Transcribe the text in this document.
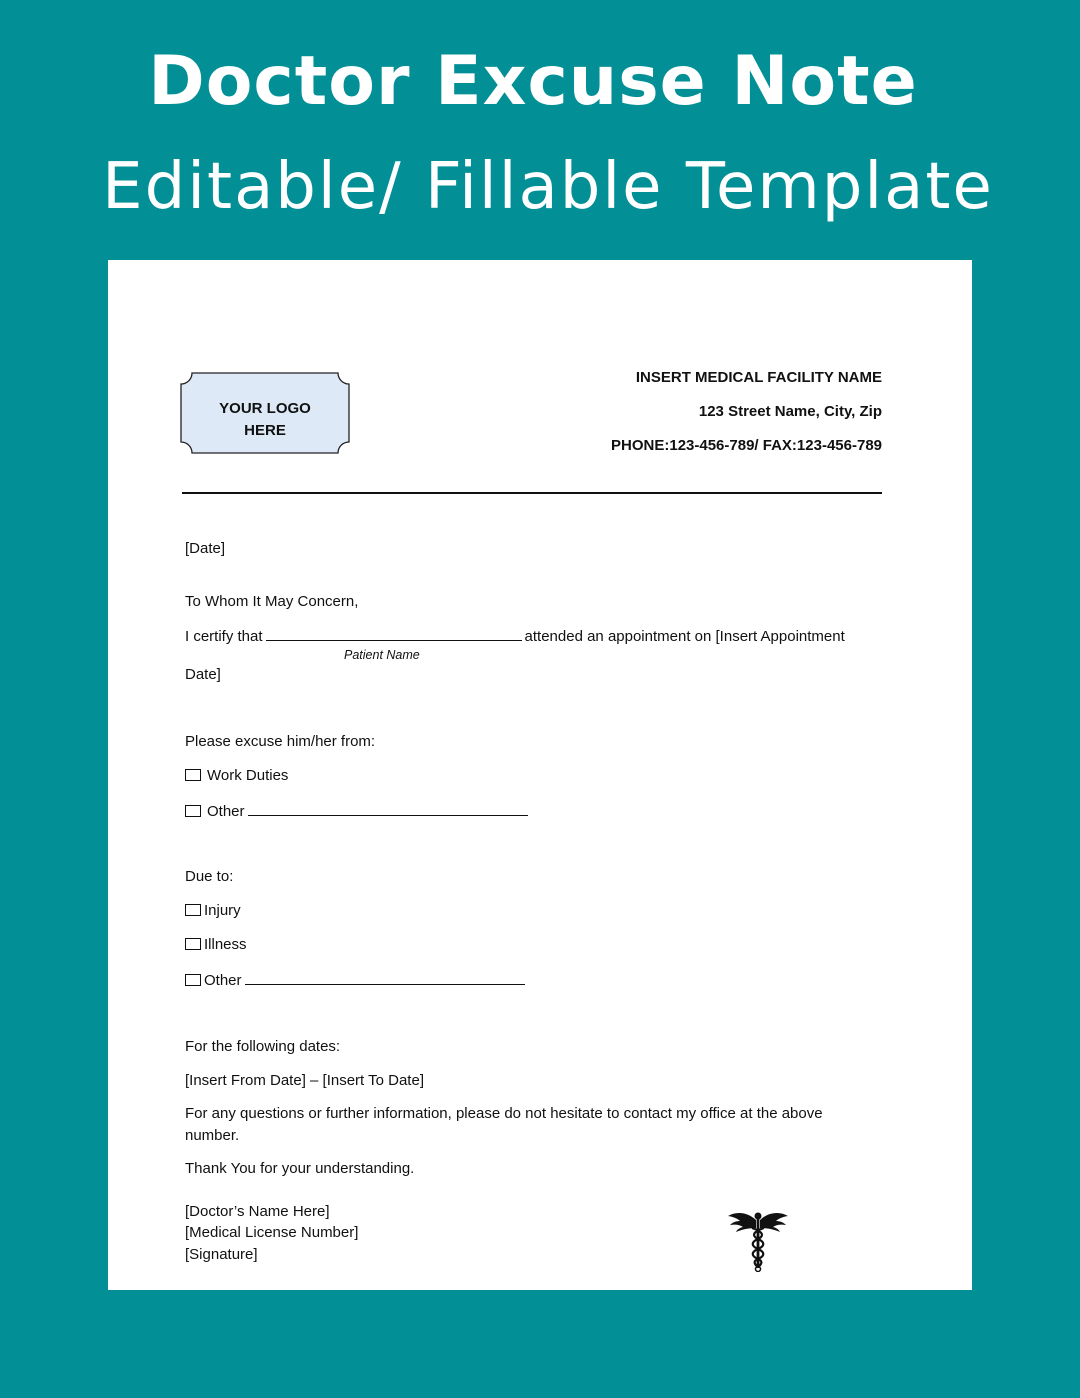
Doctor Excuse Note
Editable/ Fillable Template
YOUR LOGO
HERE
INSERT MEDICAL FACILITY NAME
123 Street Name, City, Zip
PHONE:123-456-789/ FAX:123-456-789
[Date]
To Whom It May Concern,
I certify that	attended an appointment on [Insert Appointment
Patient Name
Date]
Please excuse him/her from:
Work Duties
Other
Due to:
Injury
Illness
Other
For the following dates:
[Insert From Date] – [Insert To Date]
For any questions or further information, please do not hesitate to contact my office at the above
number.
Thank You for your understanding.
[Doctor’s Name Here]
[Medical License Number]
[Signature]
